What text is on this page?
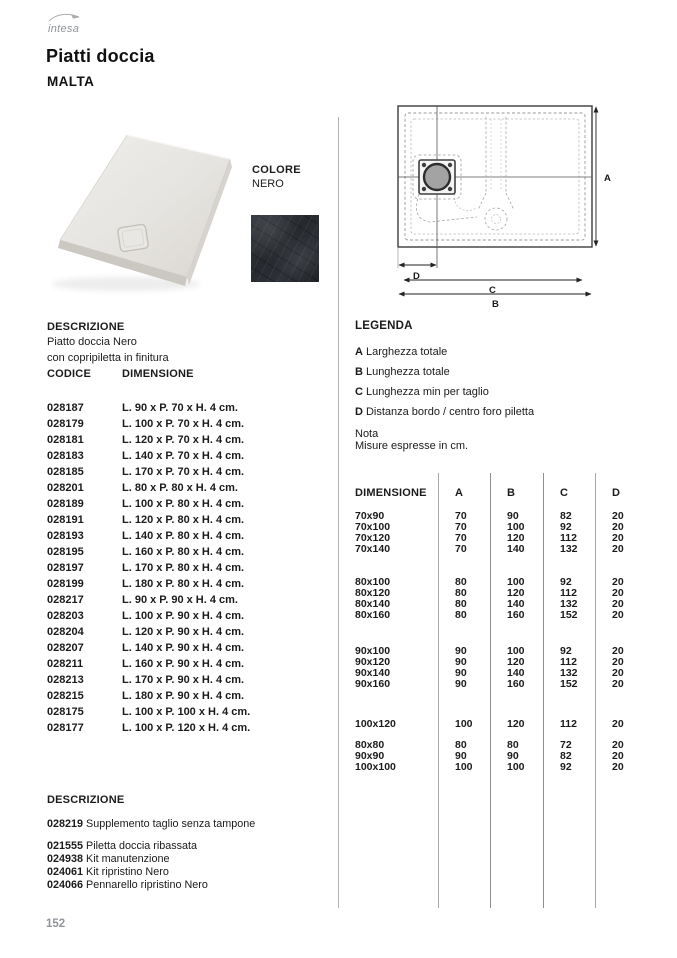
intesa
Piatti doccia
MALTA
COLORE
NERO	A
D
C
B
DESCRIZIONE
Piatto doccia Nero
con copripiletta in finitura
CODICE	DIMENSIONE
028187	L. 90 x P. 70 x H. 4 cm.
028179	L. 100 x P. 70 x H. 4 cm.
028181	L. 120 x P. 70 x H. 4 cm.
028183	L. 140 x P. 70 x H. 4 cm.
028185	L. 170 x P. 70 x H. 4 cm.
028201	L. 80 x P. 80 x H. 4 cm.
028189	L. 100 x P. 80 x H. 4 cm.
028191	L. 120 x P. 80 x H. 4 cm.
028193	L. 140 x P. 80 x H. 4 cm.
028195	L. 160 x P. 80 x H. 4 cm.
028197	L. 170 x P. 80 x H. 4 cm.
028199	L. 180 x P. 80 x H. 4 cm.
028217	L. 90 x P. 90 x H. 4 cm.
028203	L. 100 x P. 90 x H. 4 cm.
028204	L. 120 x P. 90 x H. 4 cm.
028207	L. 140 x P. 90 x H. 4 cm.
028211	L. 160 x P. 90 x H. 4 cm.
028213	L. 170 x P. 90 x H. 4 cm.
028215	L. 180 x P. 90 x H. 4 cm.
028175	L. 100 x P. 100 x H. 4 cm.
028177	L. 100 x P. 120 x H. 4 cm.
LEGENDA
A Larghezza totale
B Lunghezza totale
C Lunghezza min per taglio
D Distanza bordo / centro foro piletta
Nota
Misure espresse in cm.
DIMENSIONE	A	B	C	D
70x90	70	90	82	20
70x100	70	100	92	20
70x120	70	120	112	20
70x140	70	140	132	20
80x100	80	100	92	20
80x120	80	120	112	20
80x140	80	140	132	20
80x160	80	160	152	20
90x100	90	100	92	20
90x120	90	120	112	20
90x140	90	140	132	20
90x160	90	160	152	20
100x120	100	120	112	20
80x80	80	80	72	20
90x90	90	90	82	20
100x100	100	100	92	20
DESCRIZIONE
028219 Supplemento taglio senza tampone
021555 Piletta doccia ribassata
024938 Kit manutenzione
024061 Kit ripristino Nero
024066 Pennarello ripristino Nero
152
